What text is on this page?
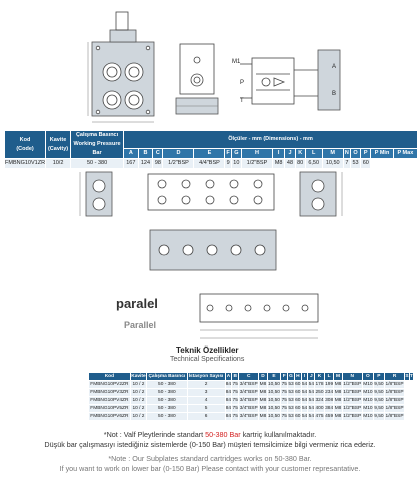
M1
A
B
P
T
Kod
(Code)	Kavite
(Cavity)	Çalışma Basıncı
Working Pressure
Bar	Ölçüler - mm (Dimensions) - mm																	
			A	B	C	D	E	F	G	H	I	J	K	L	M	N	O	P	P Min	P Max
FMBNG10V1ZR	10/2	50 - 380	167	124	98	1/2"BSP	4/4"BSP	9	10	1/2"BSP	M8	48	80	6,50	10,50	7	53	60		
paralel
Parallel
Teknik Özellikler
Technical Specifications
Kod	Kavite	Çalışma Basıncı	İstasyon Sayısı	A	B	C	D	E	F	G	H	I	J	K	L	M	N	O	P	R	S	T
FMBNG10PV2ZR	10 / 2	50 - 380	2	84	75	3/4"BSP	M8	10,50	75	53	60	54	54	178	199	M8	1/2"BSP	M10	9,50	1/8"BSP		
FMBNG10PV3ZR	10 / 2	50 - 380	3	84	75	3/4"BSP	M8	10,50	75	53	60	54	54	250	234	M8	1/2"BSP	M10	9,50	1/8"BSP		
FMBNG10PV4ZR	10 / 2	50 - 380	4	84	75	3/4"BSP	M8	10,50	75	53	60	54	54	324	308	M8	1/2"BSP	M10	9,50	1/8"BSP		
FMBNG10PV5ZR	10 / 2	50 - 380	5	84	75	3/4"BSP	M8	10,50	75	53	60	54	54	400	384	M8	1/2"BSP	M10	9,50	1/8"BSP		
FMBNG10PV6ZR	10 / 2	50 - 380	6	84	75	3/4"BSP	M8	10,50	75	53	60	54	54	475	459	M8	1/2"BSP	M10	9,50	1/8"BSP		
*Not : Valf Pleytlerinde standart 50-380 Bar kartriç kullanılmaktadır.
Düşük bar çalışmasıyı istediğiniz sistemlerde (0-150 Bar) müşteri temsilcimize bilgi vermeniz rica ederiz.
*Note : Our Subplates standard cartridges works on 50-380 Bar.
If you want to work on lower bar (0-150 Bar) Please contact with your customer represantative.
